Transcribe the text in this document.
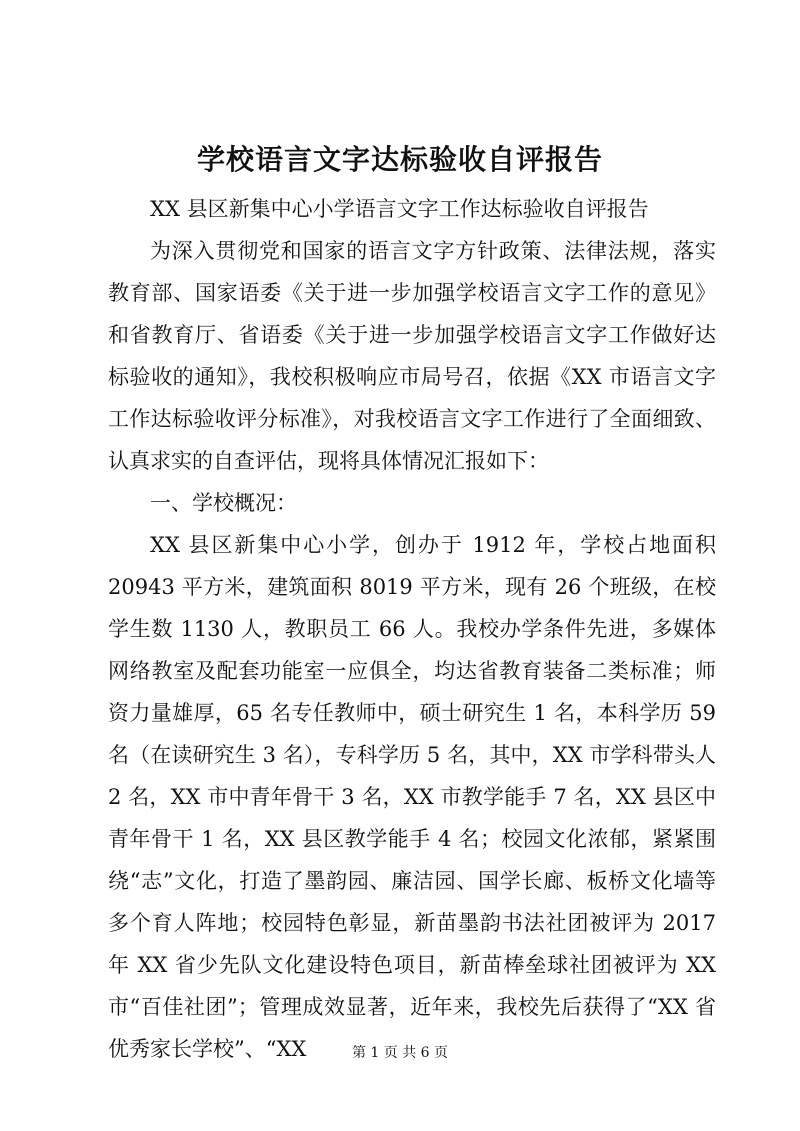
学校语言文字达标验收自评报告

XX 县区新集中心小学语言文字工作达标验收自评报告

为深入贯彻党和国家的语言文字方针政策、法律法规，落实教育部、国家语委《关于进一步加强学校语言文字工作的意见》和省教育厅、省语委《关于进一步加强学校语言文字工作做好达标验收的通知》，我校积极响应市局号召，依据《XX 市语言文字工作达标验收评分标准》，对我校语言文字工作进行了全面细致、认真求实的自查评估，现将具体情况汇报如下：

一、学校概况：

XX 县区新集中心小学，创办于 1912 年，学校占地面积 20943 平方米，建筑面积 8019 平方米，现有 26 个班级，在校学生数 1130 人，教职员工 66 人。我校办学条件先进，多媒体网络教室及配套功能室一应俱全，均达省教育装备二类标准；师资力量雄厚，65 名专任教师中，硕士研究生 1 名，本科学历 59 名（在读研究生 3 名），专科学历 5 名，其中，XX 市学科带头人 2 名，XX 市中青年骨干 3 名，XX 市教学能手 7 名，XX 县区中青年骨干 1 名，XX 县区教学能手 4 名；校园文化浓郁，紧紧围绕“志”文化，打造了墨韵园、廉洁园、国学长廊、板桥文化墙等多个育人阵地；校园特色彰显，新苗墨韵书法社团被评为 2017 年 XX 省少先队文化建设特色项目，新苗棒垒球社团被评为 XX 市“百佳社团”；管理成效显著，近年来，我校先后获得了“XX 省优秀家长学校”、“XX	第 1 页 共 6 页
